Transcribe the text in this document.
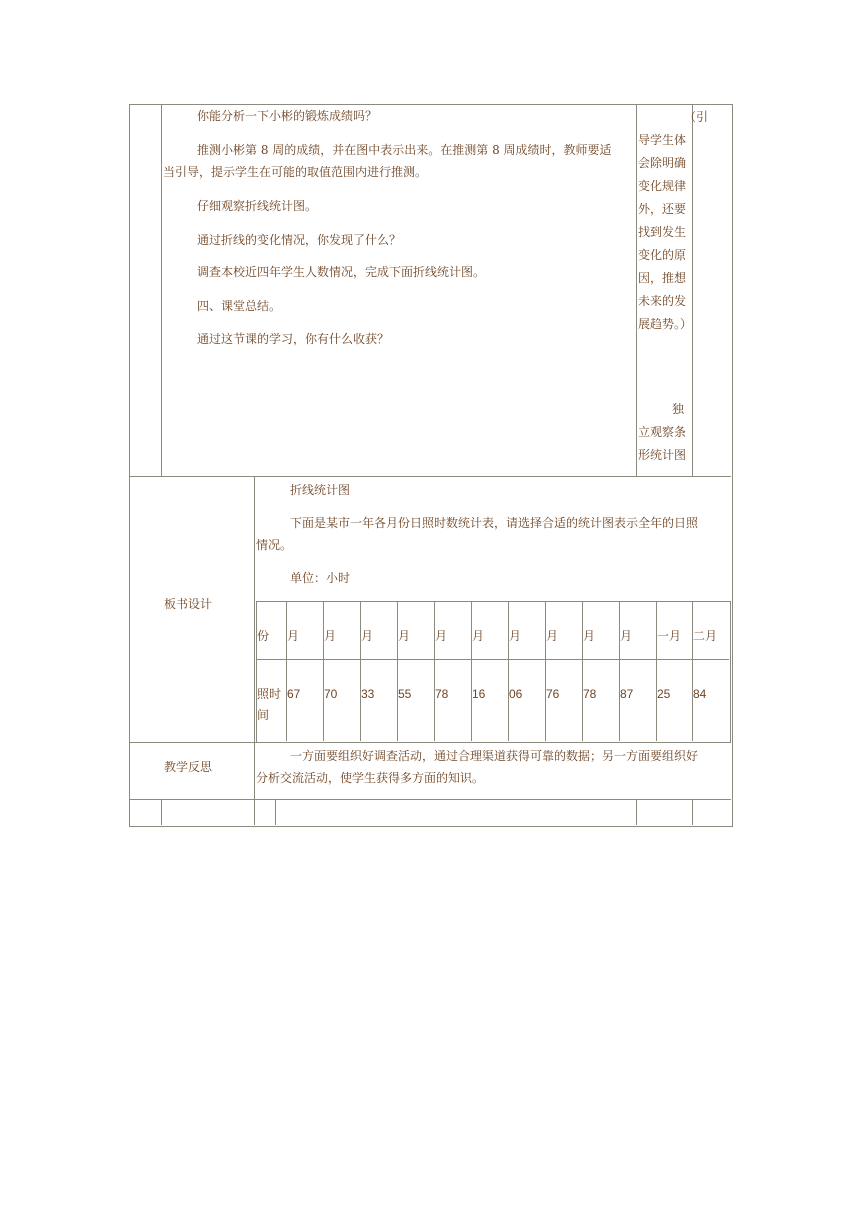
你能分析一下小彬的锻炼成绩吗？
推测小彬第 8 周的成绩，并在图中表示出来。在推测第 8 周成绩时，教师要适
当引导，提示学生在可能的取值范围内进行推测。
仔细观察折线统计图。
通过折线的变化情况，你发现了什么？
调查本校近四年学生人数情况，完成下面折线统计图。
四、课堂总结。
通过这节课的学习，你有什么收获？
（引导学生体会除明确变化规律外，还要找到发生变化的原因，推想未来的发展趋势。）
独立观察条形统计图
板书设计
折线统计图
下面是某市一年各月份日照时数统计表，请选择合适的统计图表示全年的日照
情况。
单位：小时
份 月 月 月 月 月 月 月 月 月 月 一月 二月
67 70 33 55 78 16 06 76 78 87 25 84
照时
间
教学反思
一方面要组织好调查活动，通过合理渠道获得可靠的数据；另一方面要组织好
分析交流活动，使学生获得多方面的知识。
